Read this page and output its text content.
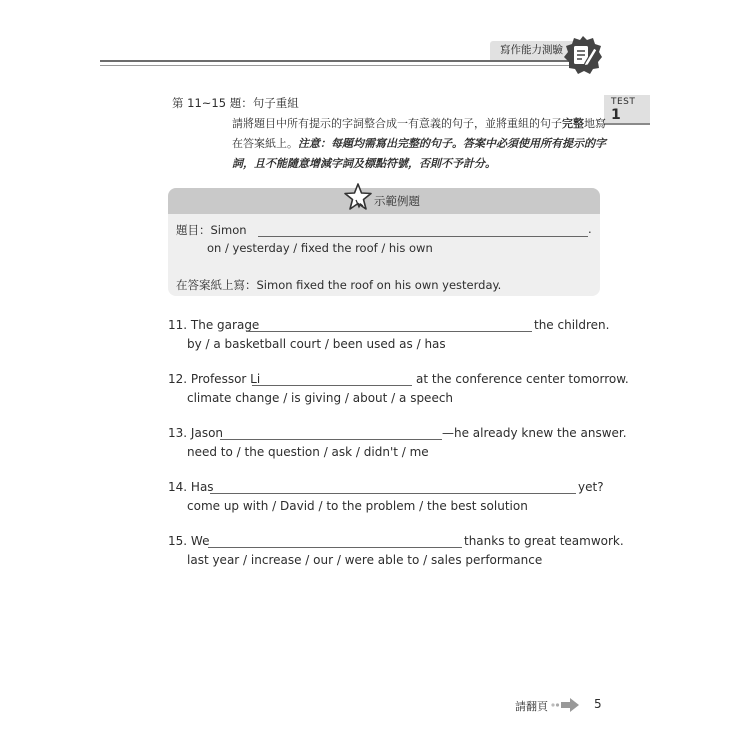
寫作能力測驗
TEST
1
第 11~15 題：句子重組
請將題目中所有提示的字詞整合成一有意義的句子，並將重組的句子完整地寫在答案紙上。注意：每題均需寫出完整的句子。答案中必須使用所有提示的字詞，且不能隨意增減字詞及標點符號，否則不予計分。
示範例題
題目：Simon	.
on / yesterday / fixed the roof / his own
在答案紙上寫：Simon fixed the roof on his own yesterday.
11. The garage	the children.
by / a basketball court / been used as / has
12. Professor Li	at the conference center tomorrow.
climate change / is giving / about / a speech
13. Jason	—he already knew the answer.
need to / the question / ask / didn't / me
14. Has	yet?
come up with / David / to the problem / the best solution
15. We	thanks to great teamwork.
last year / increase / our / were able to / sales performance
請翻頁	5
